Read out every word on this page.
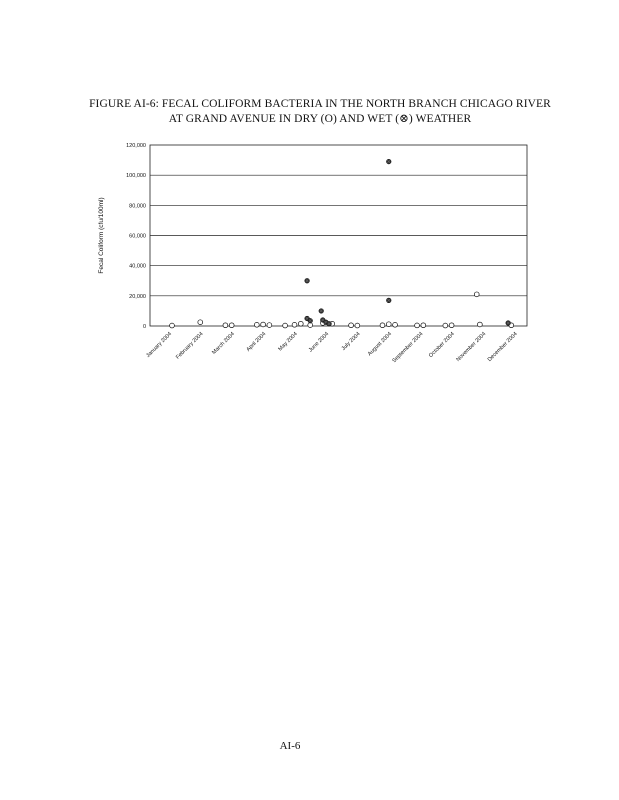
FIGURE AI-6: FECAL COLIFORM BACTERIA IN THE NORTH BRANCH CHICAGO RIVER
AT GRAND AVENUE IN DRY (O) AND WET (⊗) WEATHER
0
20,000
40,000
60,000
80,000
100,000
120,000
January 2004 February 2004 March 2004 April 2004 May 2004 June 2004 July 2004 August 2004
September 2004 October 2004 November 2004 December 2004
Fecal Coliform (cfu/100ml)
AI-6
